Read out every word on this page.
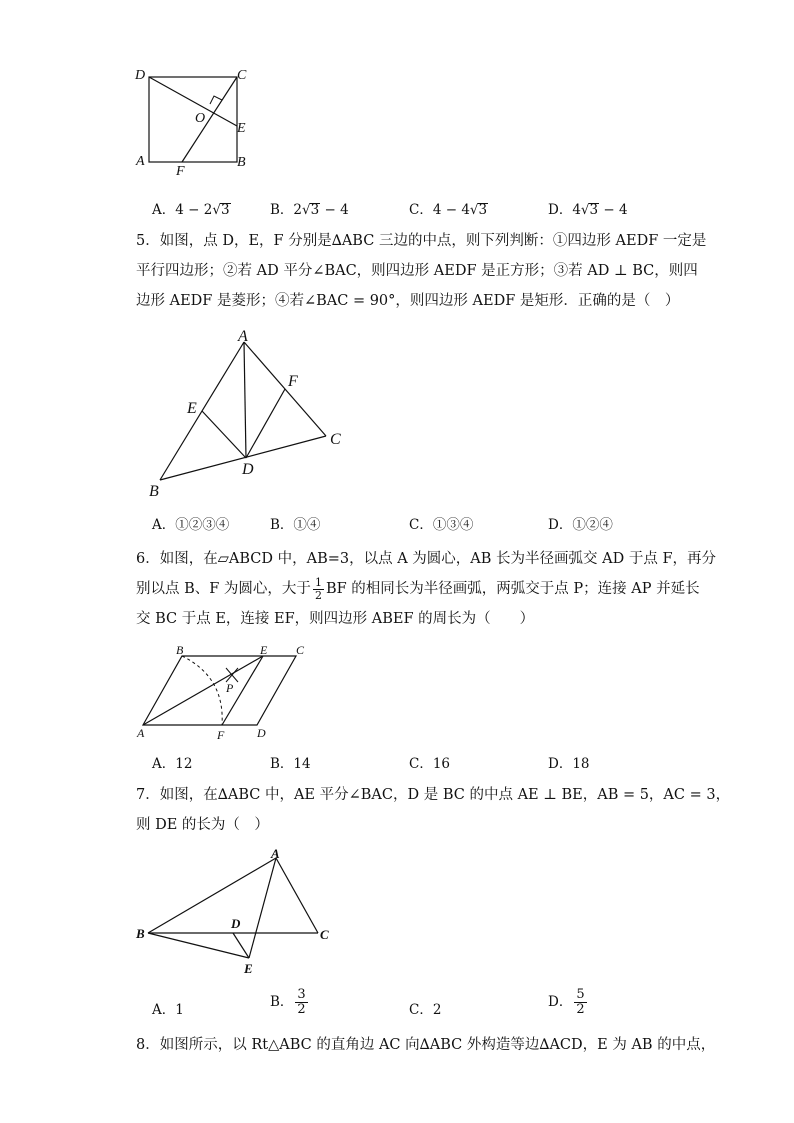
D	C
O
E
A	B
F
A．4 − 2√3	B．2√3 − 4	C．4 − 4√3	D．4√3 − 4
5．如图，点 D，E，F 分别是∆ABC 三边的中点，则下列判断：①四边形 AEDF 一定是
平行四边形；②若 AD 平分∠BAC，则四边形 AEDF 是正方形；③若 AD ⊥ BC，则四
边形 AEDF 是菱形；④若∠BAC = 90°，则四边形 AEDF 是矩形．正确的是（　）
A
B
C
D
E
F
A．①②③④	B．①④	C．①③④	D．①②④
6．如图，在▱ABCD 中，AB=3，以点 A 为圆心，AB 长为半径画弧交 AD 于点 F，再分
别以点 B、F 为圆心，大于 $\frac{1}{2}$ BF 的相同长为半径画弧，两弧交于点 P；连接 AP 并延长
交 BC 于点 E，连接 EF，则四边形 ABEF 的周长为（　　）
A
B	C
D
E
F
P
A．12	B．14	C．16	D．18
7．如图，在∆ABC 中，AE 平分∠BAC，D 是 BC 的中点 AE ⊥ BE，AB = 5，AC = 3，
则 DE 的长为（　）
A
B	C
D
E
A．1	B． $\frac{3}{2}$	C．2	D． $\frac{5}{2}$
8．如图所示，以 Rt△ABC 的直角边 AC 向∆ABC 外构造等边∆ACD，E 为 AB 的中点，
